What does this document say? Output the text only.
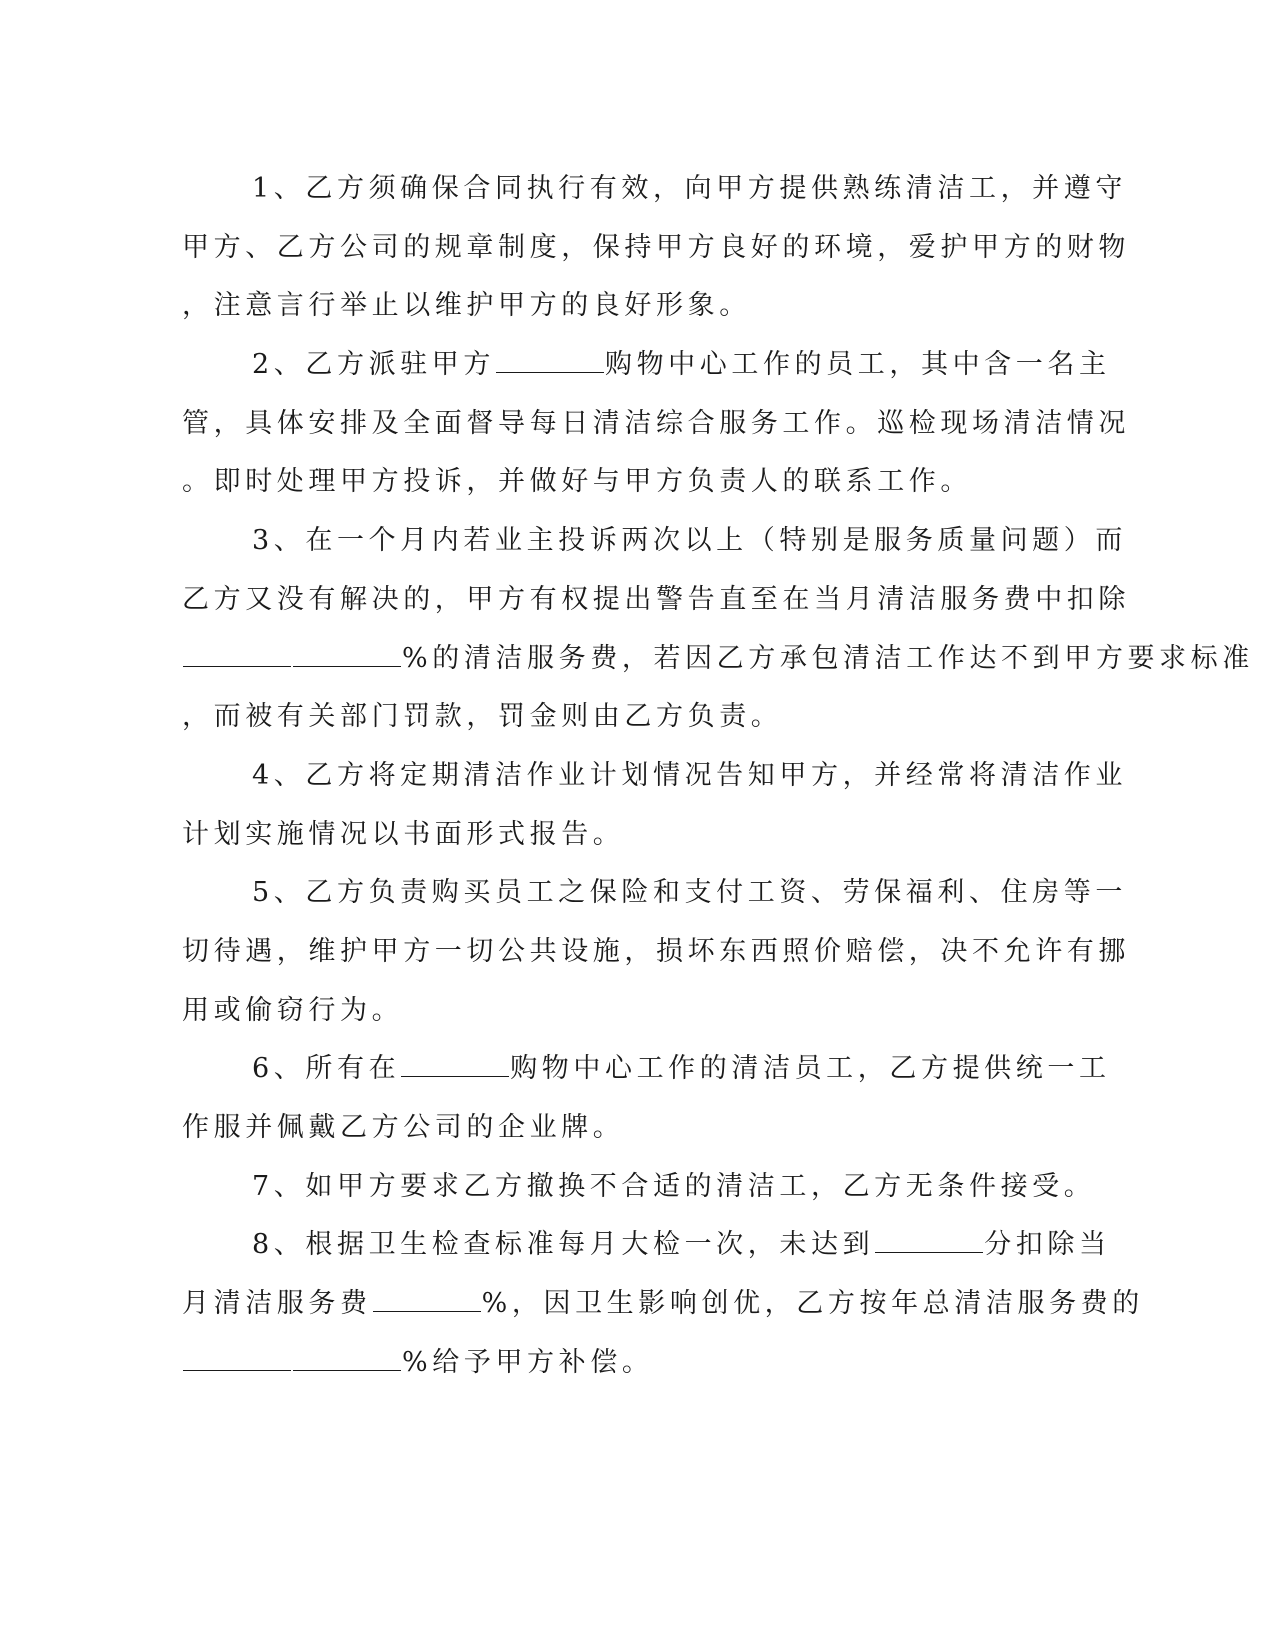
1、乙方须确保合同执行有效，向甲方提供熟练清洁工，并遵守
甲方、乙方公司的规章制度，保持甲方良好的环境，爱护甲方的财物
，注意言行举止以维护甲方的良好形象。
2、乙方派驻甲方	购物中心工作的员工，其中含一名主
管，具体安排及全面督导每日清洁综合服务工作。巡检现场清洁情况
。即时处理甲方投诉，并做好与甲方负责人的联系工作。
3、在一个月内若业主投诉两次以上（特别是服务质量问题）而
乙方又没有解决的，甲方有权提出警告直至在当月清洁服务费中扣除
%的清洁服务费，若因乙方承包清洁工作达不到甲方要求标准
，而被有关部门罚款，罚金则由乙方负责。
4、乙方将定期清洁作业计划情况告知甲方，并经常将清洁作业
计划实施情况以书面形式报告。
5、乙方负责购买员工之保险和支付工资、劳保福利、住房等一
切待遇，维护甲方一切公共设施，损坏东西照价赔偿，决不允许有挪
用或偷窃行为。
6、所有在	购物中心工作的清洁员工，乙方提供统一工
作服并佩戴乙方公司的企业牌。
7、如甲方要求乙方撤换不合适的清洁工，乙方无条件接受。
8、根据卫生检查标准每月大检一次，未达到	分扣除当
月清洁服务费	%，因卫生影响创优，乙方按年总清洁服务费的
%给予甲方补偿。
